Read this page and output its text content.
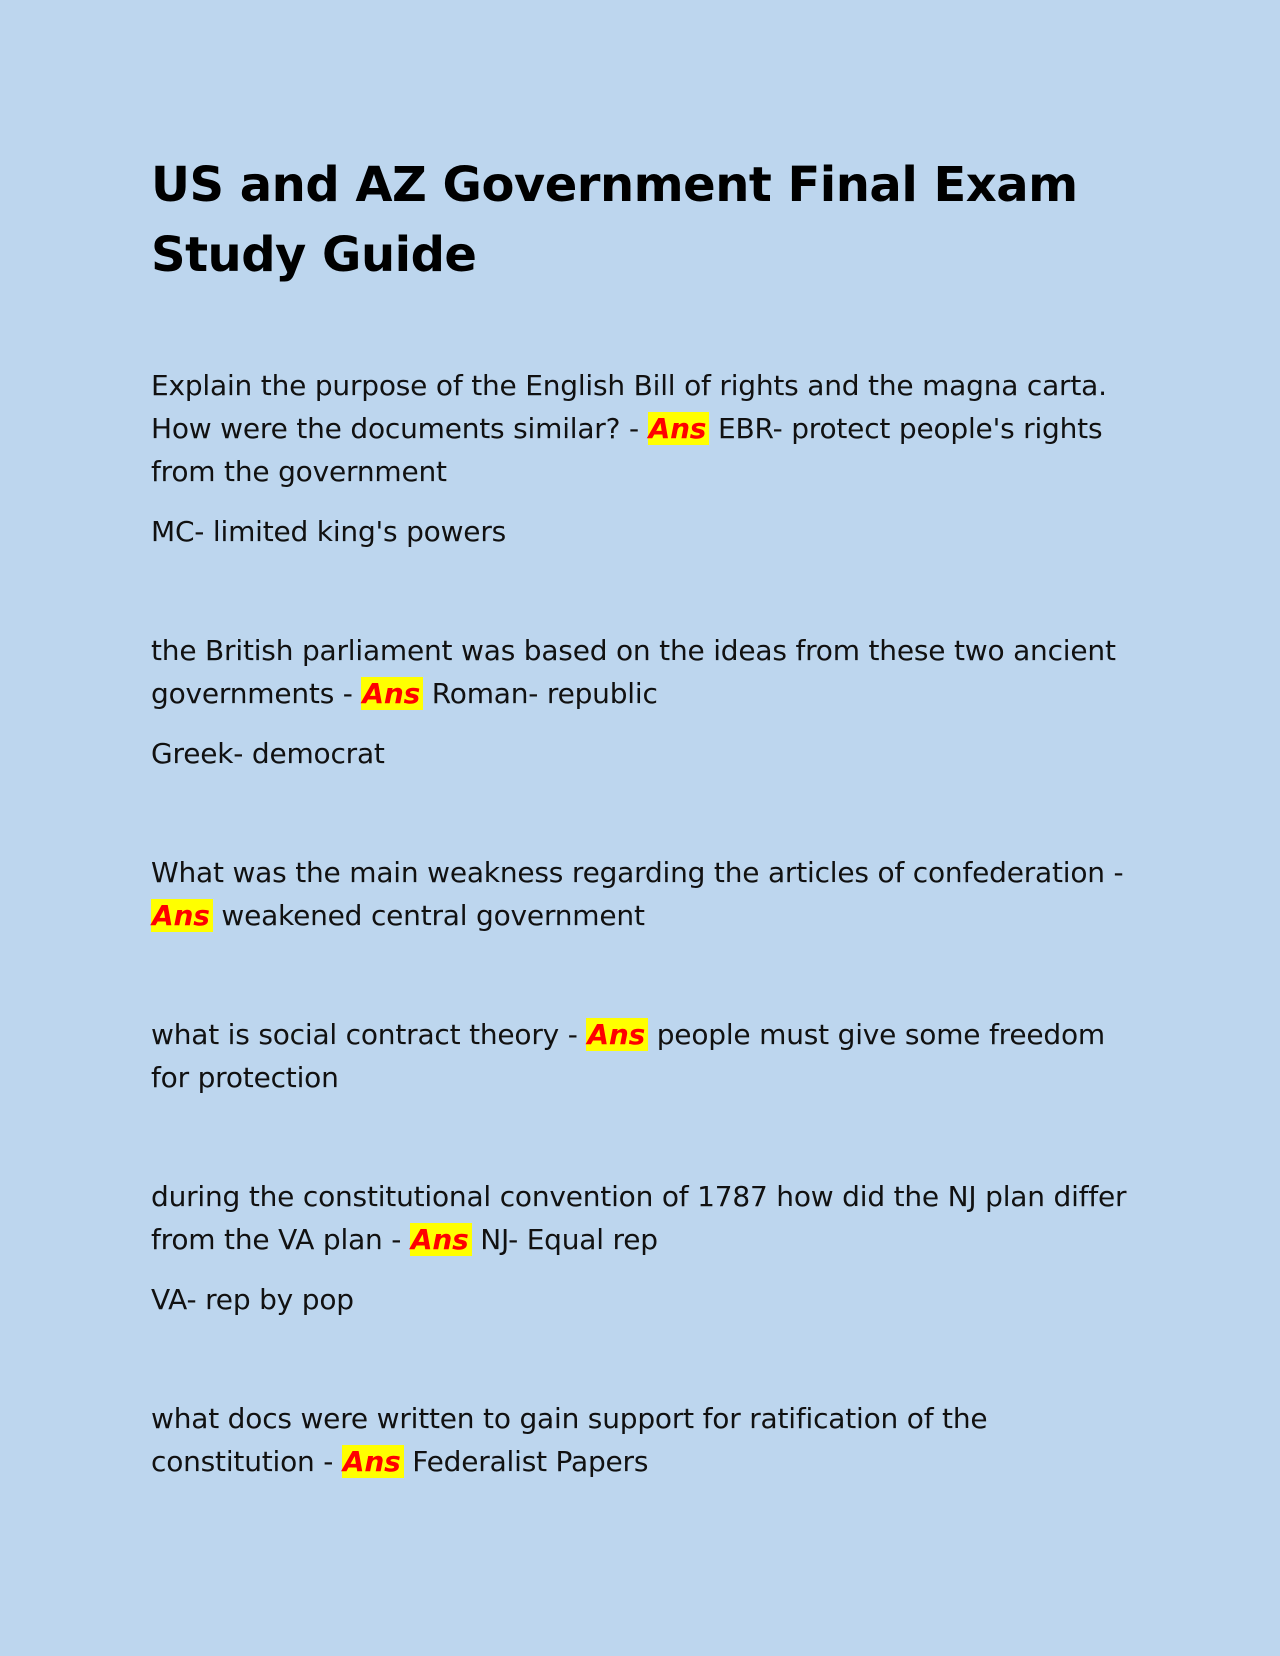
US and AZ Government Final Exam Study Guide

Explain the purpose of the English Bill of rights and the magna carta. How were the documents similar? - Ans EBR- protect people's rights from the government

MC- limited king's powers

the British parliament was based on the ideas from these two ancient governments - Ans Roman- republic

Greek- democrat

What was the main weakness regarding the articles of confederation - Ans weakened central government

what is social contract theory - Ans people must give some freedom for protection

during the constitutional convention of 1787 how did the NJ plan differ from the VA plan - Ans NJ- Equal rep

VA- rep by pop

what docs were written to gain support for ratification of the constitution - Ans Federalist Papers
